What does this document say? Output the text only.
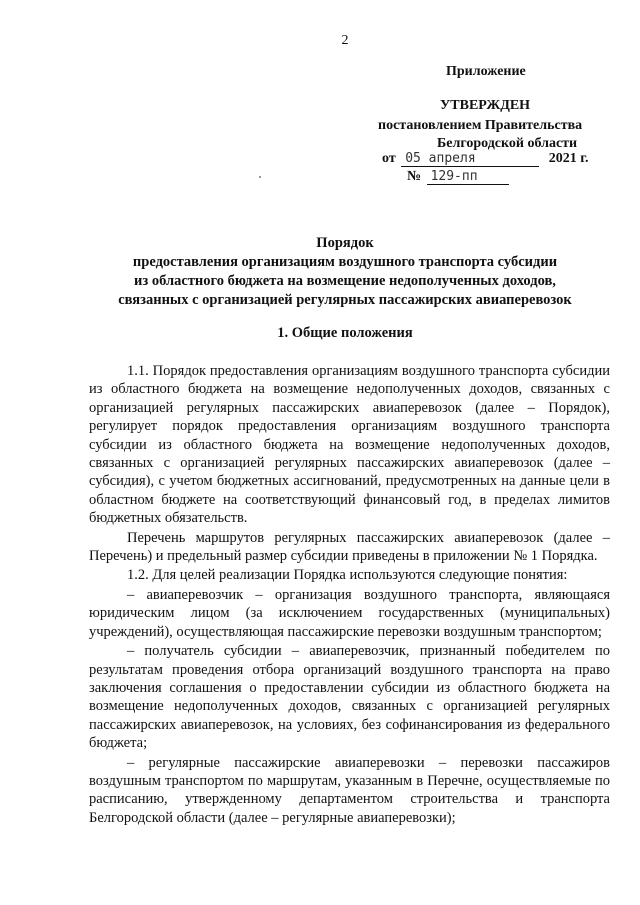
2
Приложение
УТВЕРЖДЕН
постановлением Правительства
Белгородской области
от 05 апреля	2021 г.
№ 129-пп
Порядок
предоставления организациям воздушного транспорта субсидии
из областного бюджета на возмещение недополученных доходов,
связанных с организацией регулярных пассажирских авиаперевозок
1. Общие положения

1.1. Порядок предоставления организациям воздушного транспорта субсидии из областного бюджета на возмещение недополученных доходов, связанных с организацией регулярных пассажирских авиаперевозок (далее – Порядок), регулирует порядок предоставления организациям воздушного транспорта субсидии из областного бюджета на возмещение недополученных доходов, связанных с организацией регулярных пассажирских авиаперевозок (далее – субсидия), с учетом бюджетных ассигнований, предусмотренных на данные цели в областном бюджете на соответствующий финансовый год, в пределах лимитов бюджетных обязательств.

Перечень маршрутов регулярных пассажирских авиаперевозок (далее – Перечень) и предельный размер субсидии приведены в приложении № 1 Порядка.

1.2. Для целей реализации Порядка используются следующие понятия:

– авиаперевозчик – организация воздушного транспорта, являющаяся юридическим лицом (за исключением государственных (муниципальных) учреждений), осуществляющая пассажирские перевозки воздушным транспортом;

– получатель субсидии – авиаперевозчик, признанный победителем по результатам проведения отбора организаций воздушного транспорта на право заключения соглашения о предоставлении субсидии из областного бюджета на возмещение недополученных доходов, связанных с организацией регулярных пассажирских авиаперевозок, на условиях, без софинансирования из федерального бюджета;

– регулярные пассажирские авиаперевозки – перевозки пассажиров воздушным транспортом по маршрутам, указанным в Перечне, осуществляемые по расписанию, утвержденному департаментом строительства и транспорта Белгородской области (далее – регулярные авиаперевозки);
